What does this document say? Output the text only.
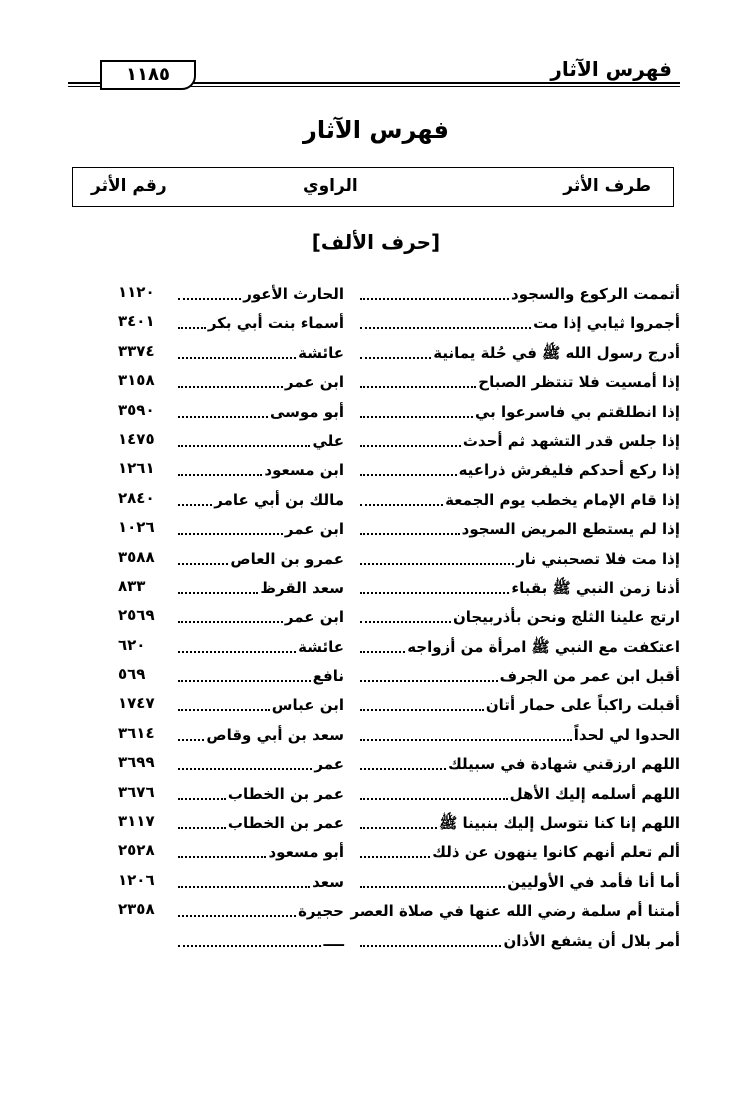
فهرس الآثار
١١٨٥
فهرس الآثار
طرف الأثر
الراوي
رقم الأثر
[حرف الألف]
أتممت الركوع والسجود
الحارث الأعور
١١٢٠
أجمروا ثيابي إذا مت
أسماء بنت أبي بكر
٣٤٠١
أدرج رسول الله ﷺ في حُلة يمانية
عائشة
٣٣٧٤
إذا أمسيت فلا تنتظر الصباح
ابن عمر
٣١٥٨
إذا انطلقتم بي فاسرعوا بي
أبو موسى
٣٥٩٠
إذا جلس قدر التشهد ثم أحدث
علي
١٤٧٥
إذا ركع أحدكم فليفرش ذراعيه
ابن مسعود
١٢٦١
إذا قام الإمام يخطب يوم الجمعة
مالك بن أبي عامر
٢٨٤٠
إذا لم يستطع المريض السجود
ابن عمر
١٠٢٦
إذا مت فلا تصحبني نار
عمرو بن العاص
٣٥٨٨
أذنا زمن النبي ﷺ بقباء
سعد القرظ
٨٣٣
ارتج علينا الثلج ونحن بأذربيجان
ابن عمر
٢٥٦٩
اعتكفت مع النبي ﷺ امرأة من أزواجه
عائشة
٦٢٠
أقبل ابن عمر من الجرف
نافع
٥٦٩
أقبلت راكباً على حمار أتان
ابن عباس
١٧٤٧
الحدوا لي لحداً
سعد بن أبي وقاص
٣٦١٤
اللهم ارزقني شهادة في سبيلك
عمر
٣٦٩٩
اللهم أسلمه إليك الأهل
عمر بن الخطاب
٣٦٧٦
اللهم إنا كنا نتوسل إليك بنبينا ﷺ
عمر بن الخطاب
٣١١٧
ألم تعلم أنهم كانوا ينهون عن ذلك
أبو مسعود
٢٥٢٨
أما أنا فأمد في الأوليين
سعد
١٢٠٦
أمتنا أم سلمة رضي الله عنها في صلاة العصر
حجيرة
٢٣٥٨
أمر بلال أن يشفع الأذان
ــــ
